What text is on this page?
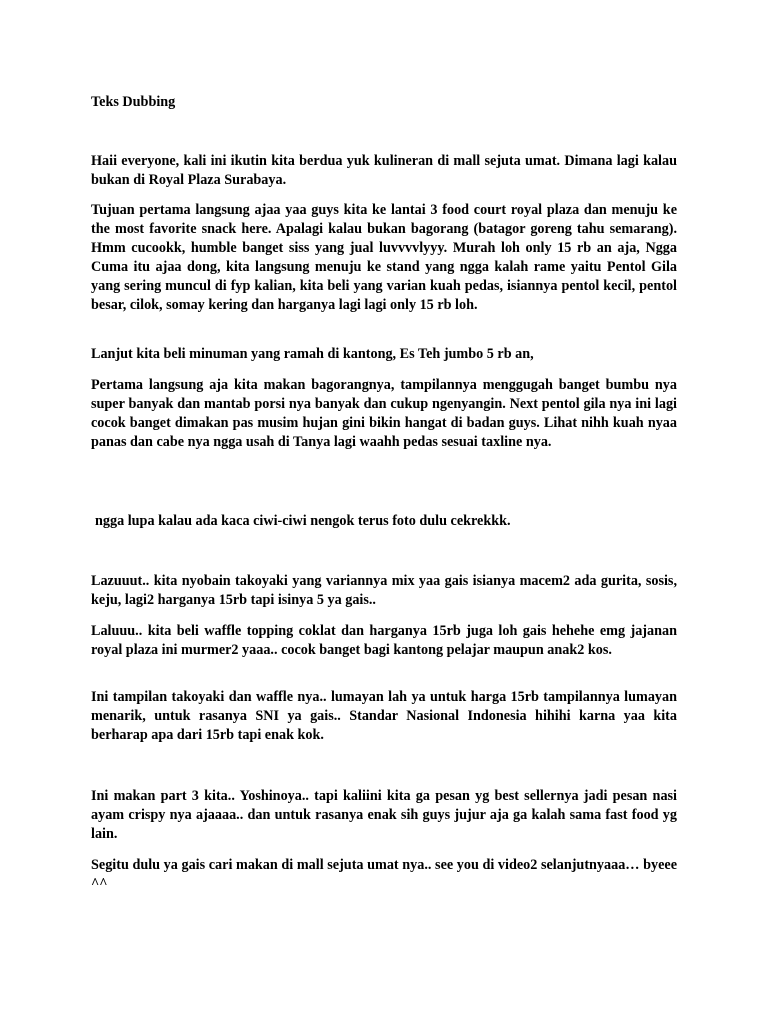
Teks Dubbing

Haii everyone, kali ini ikutin kita berdua yuk kulineran di mall sejuta umat. Dimana lagi kalau bukan di Royal Plaza Surabaya.

Tujuan pertama langsung ajaa yaa guys kita ke lantai 3 food court royal plaza dan menuju ke the most favorite snack here. Apalagi kalau bukan bagorang (batagor goreng tahu semarang). Hmm cucookk, humble banget siss yang jual luvvvvlyyy. Murah loh only 15 rb an aja, Ngga Cuma itu ajaa dong, kita langsung menuju ke stand yang ngga kalah rame yaitu Pentol Gila yang sering muncul di fyp kalian, kita beli yang varian kuah pedas, isiannya pentol kecil, pentol besar, cilok, somay kering dan harganya lagi lagi only 15 rb loh.

Lanjut kita beli minuman yang ramah di kantong, Es Teh jumbo 5 rb an,

Pertama langsung aja kita makan bagorangnya, tampilannya menggugah banget bumbu nya super banyak dan mantab porsi nya banyak dan cukup ngenyangin. Next pentol gila nya ini lagi cocok banget dimakan pas musim hujan gini bikin hangat di badan guys. Lihat nihh kuah nyaa panas dan cabe nya ngga usah di Tanya lagi waahh pedas sesuai taxline nya.

ngga lupa kalau ada kaca ciwi-ciwi nengok terus foto dulu cekrekkk.

Lazuuut.. kita nyobain takoyaki yang variannya mix yaa gais isianya macem2 ada gurita, sosis, keju, lagi2 harganya 15rb tapi isinya 5 ya gais..

Laluuu.. kita beli waffle topping coklat dan harganya 15rb juga loh gais hehehe emg jajanan royal plaza ini murmer2 yaaa.. cocok banget bagi kantong pelajar maupun anak2 kos.

Ini tampilan takoyaki dan waffle nya.. lumayan lah ya untuk harga 15rb tampilannya lumayan menarik, untuk rasanya SNI ya gais.. Standar Nasional Indonesia hihihi karna yaa kita berharap apa dari 15rb tapi enak kok.

Ini makan part 3 kita.. Yoshinoya.. tapi kaliini kita ga pesan yg best sellernya jadi pesan nasi ayam crispy nya ajaaaa.. dan untuk rasanya enak sih guys jujur aja ga kalah sama fast food yg lain.

Segitu dulu ya gais cari makan di mall sejuta umat nya.. see you di video2 selanjutnyaaa… byeee ^^
